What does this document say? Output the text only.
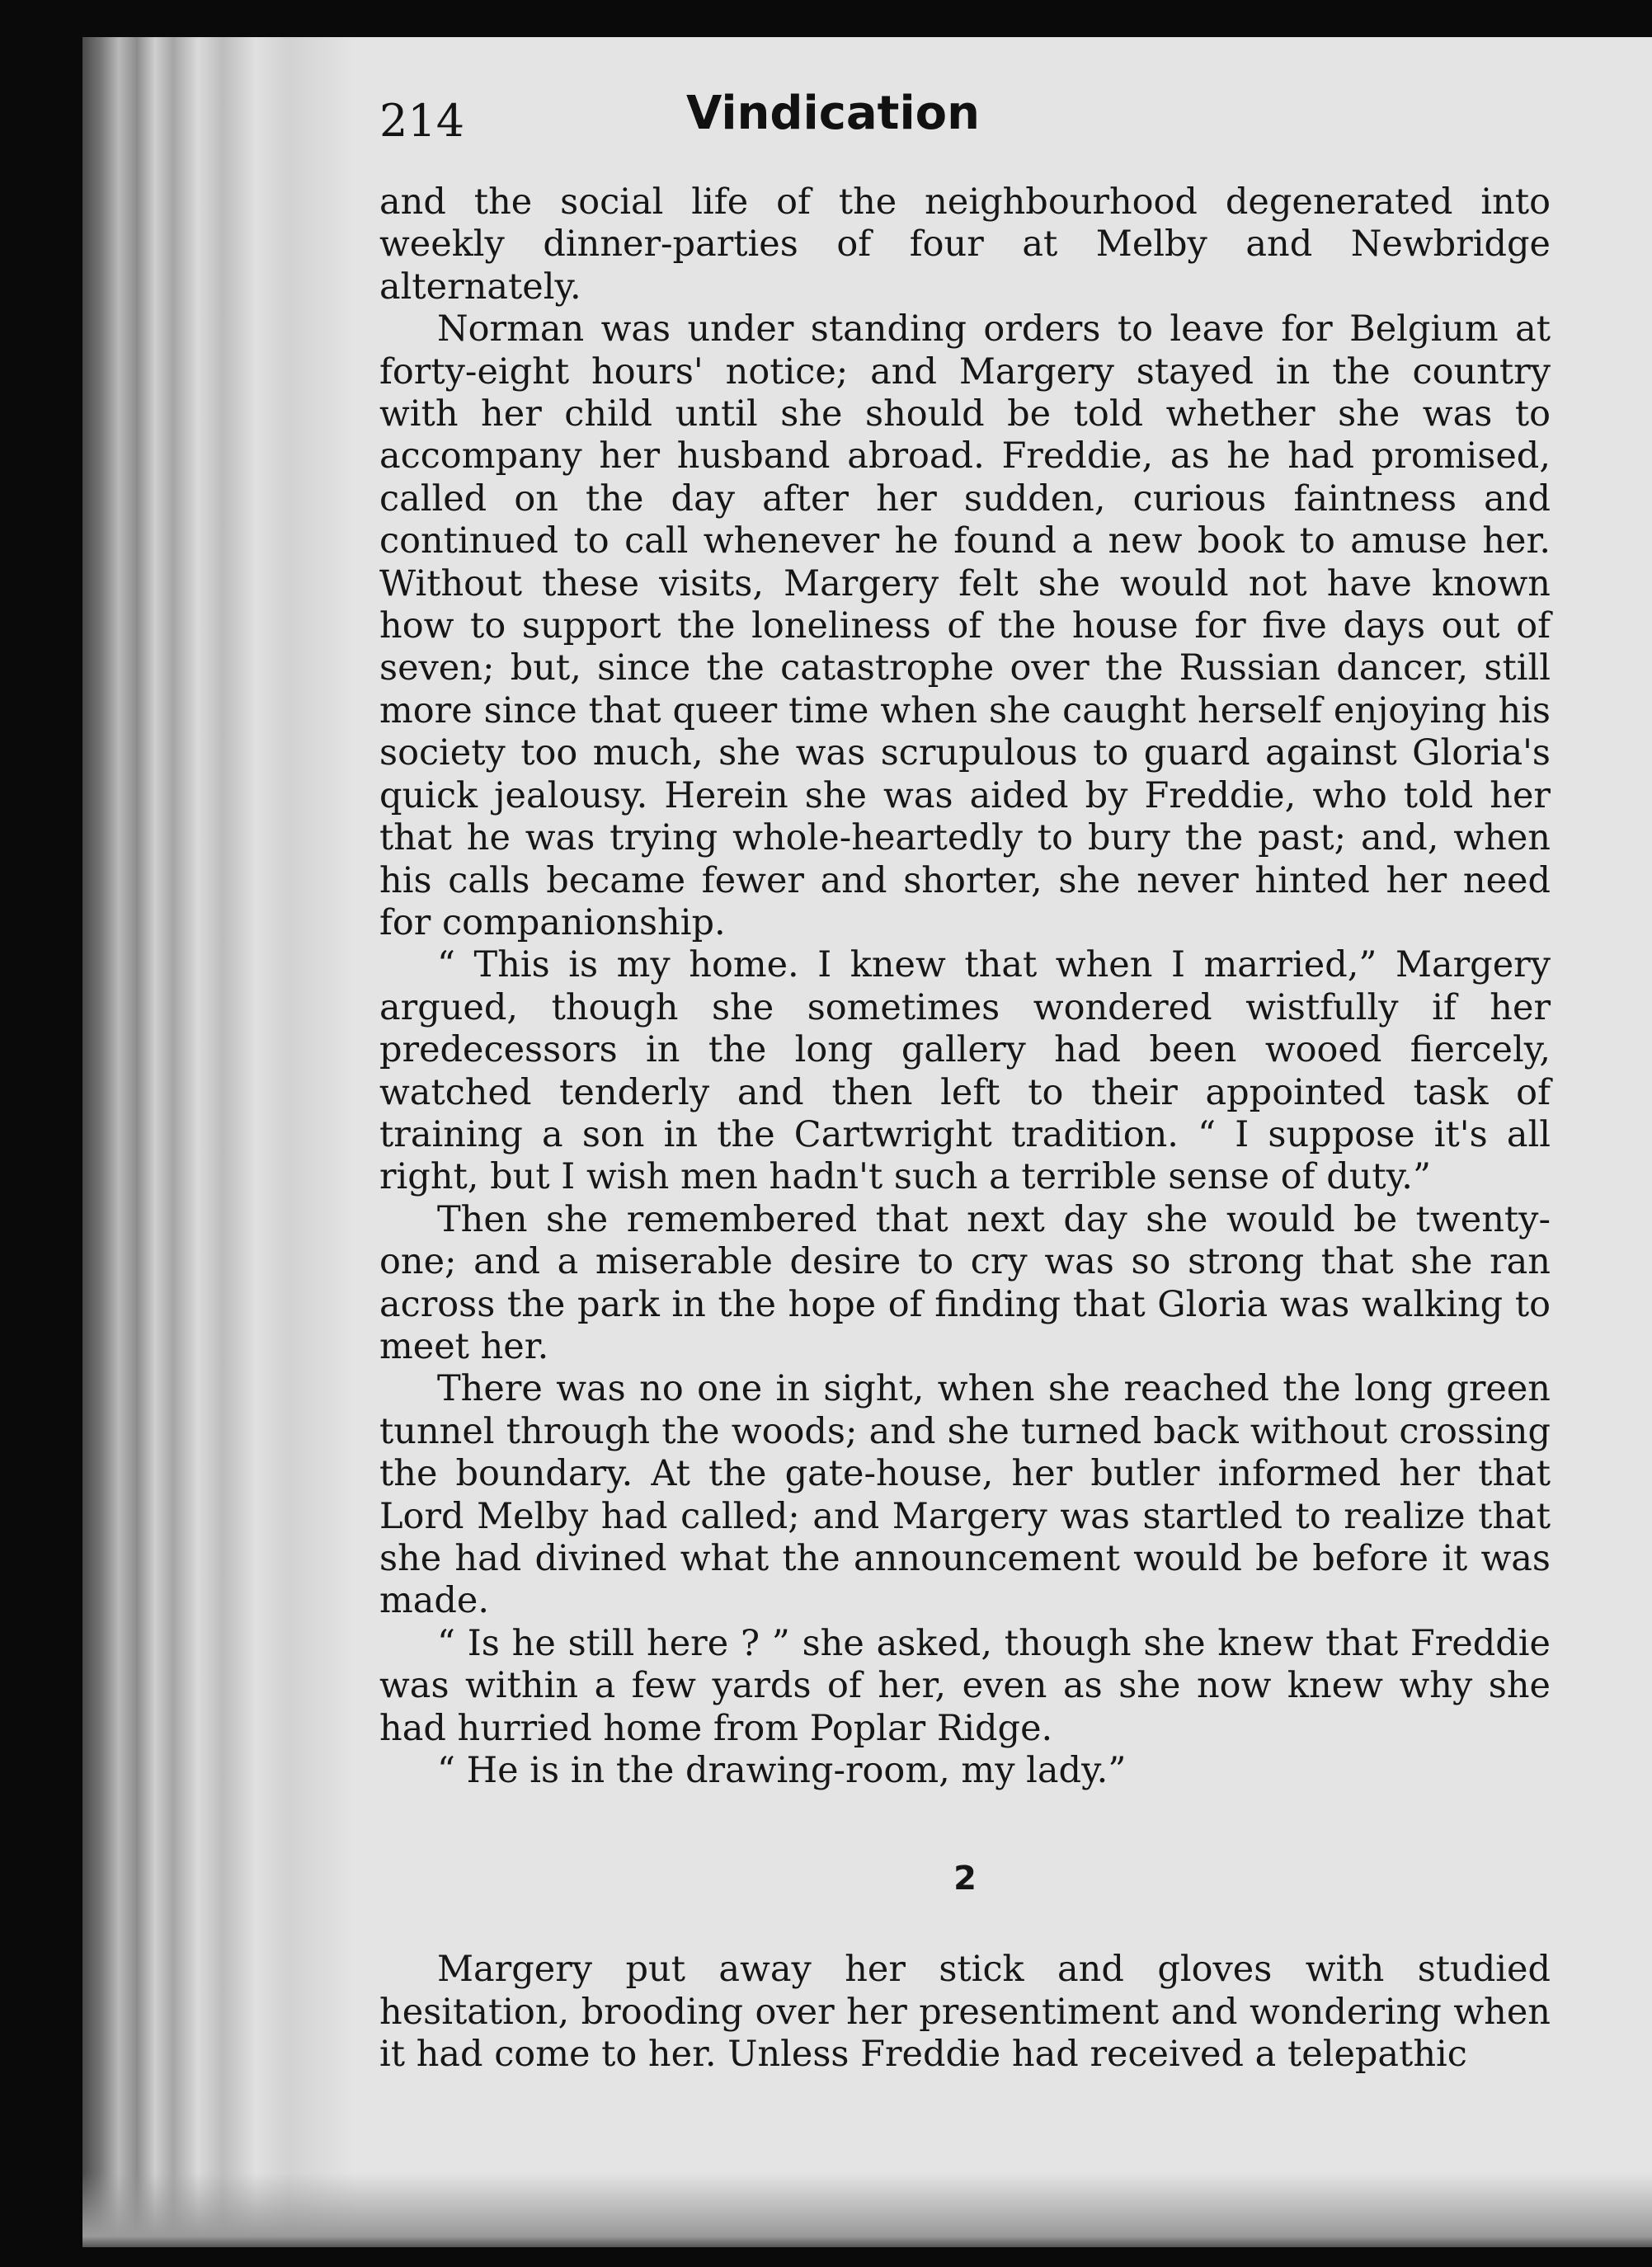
214	Vindication

and the social life of the neighbourhood degenerated into weekly dinner-parties of four at Melby and Newbridge alternately.

Norman was under standing orders to leave for Belgium at forty-eight hours' notice; and Margery stayed in the country with her child until she should be told whether she was to accompany her husband abroad. Freddie, as he had promised, called on the day after her sudden, curious faintness and continued to call whenever he found a new book to amuse her. Without these visits, Margery felt she would not have known how to support the loneliness of the house for five days out of seven; but, since the catastrophe over the Russian dancer, still more since that queer time when she caught herself enjoying his society too much, she was scrupulous to guard against Gloria's quick jealousy. Herein she was aided by Freddie, who told her that he was trying whole-heartedly to bury the past; and, when his calls became fewer and shorter, she never hinted her need for companionship.

“ This is my home. I knew that when I married,” Margery argued, though she sometimes wondered wistfully if her predecessors in the long gallery had been wooed fiercely, watched tenderly and then left to their appointed task of training a son in the Cartwright tradition. “ I suppose it's all right, but I wish men hadn't such a terrible sense of duty.”

Then she remembered that next day she would be twenty-one; and a miserable desire to cry was so strong that she ran across the park in the hope of finding that Gloria was walking to meet her.

There was no one in sight, when she reached the long green tunnel through the woods; and she turned back without crossing the boundary. At the gate-house, her butler informed her that Lord Melby had called; and Margery was startled to realize that she had divined what the announcement would be before it was made.

“ Is he still here ? ” she asked, though she knew that Freddie was within a few yards of her, even as she now knew why she had hurried home from Poplar Ridge.

“ He is in the drawing-room, my lady.”

2

Margery put away her stick and gloves with studied hesitation, brooding over her presentiment and wondering when it had come to her. Unless Freddie had received a telepathic
